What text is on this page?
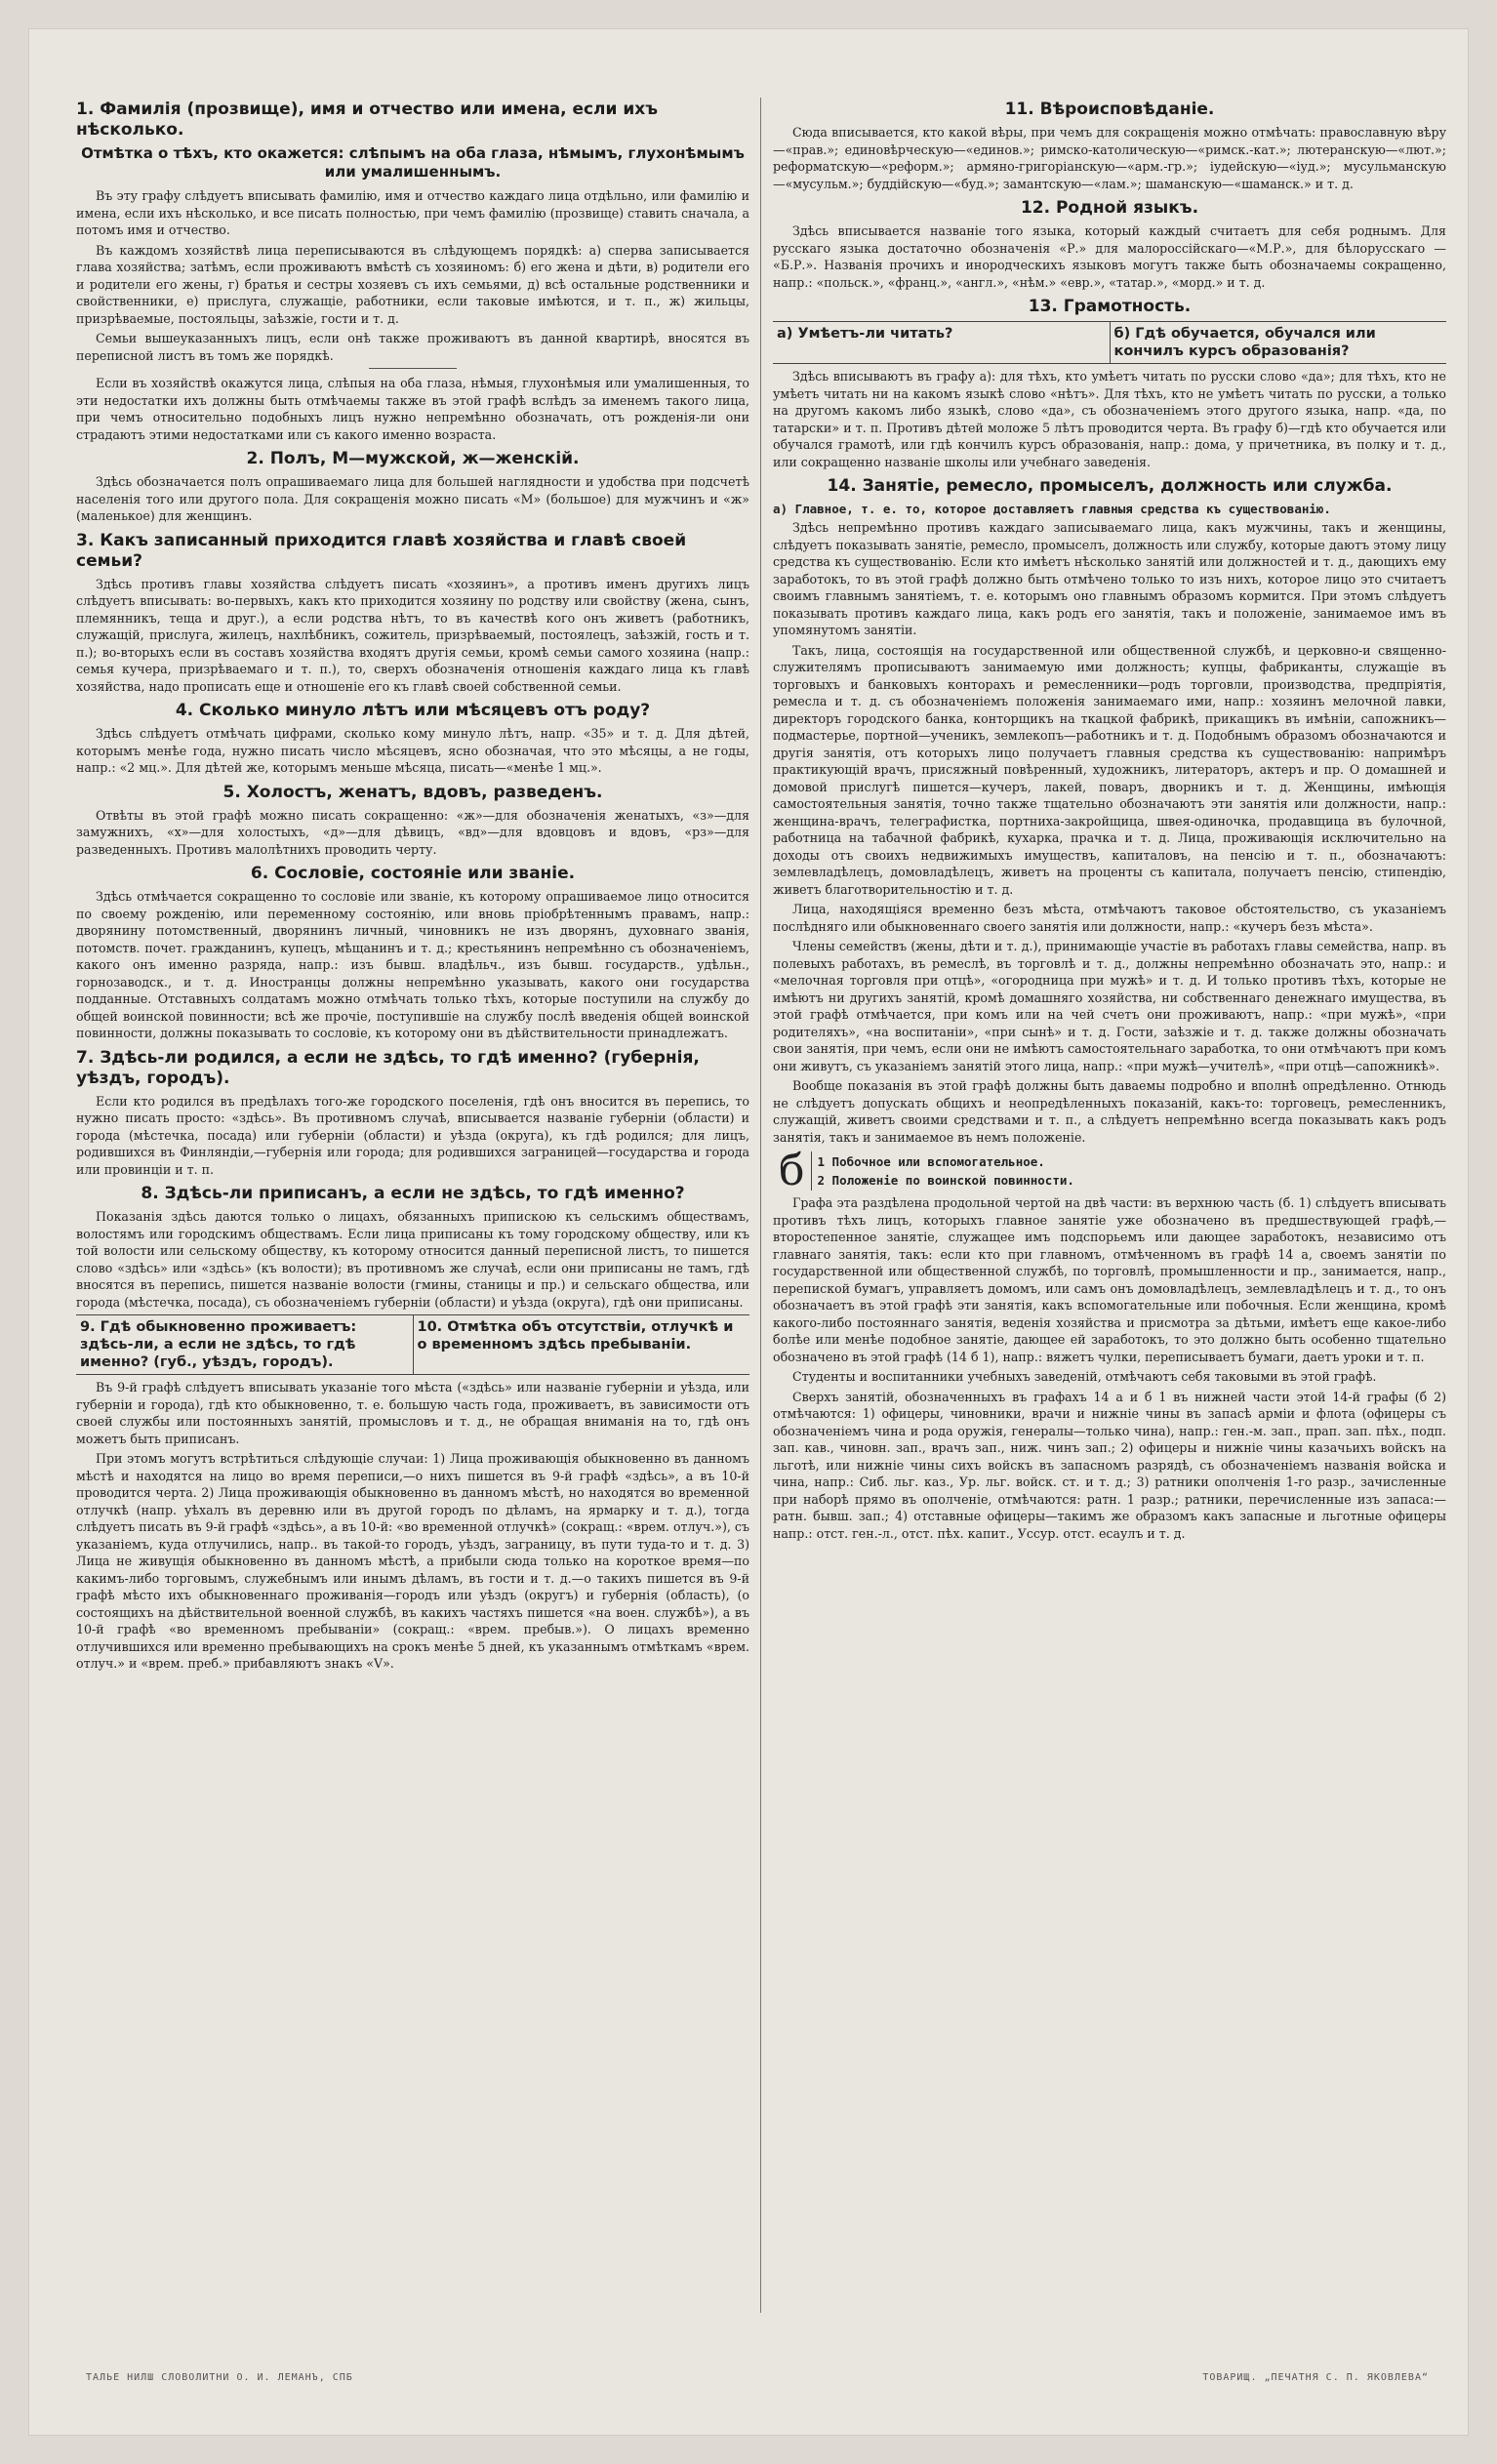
1. Фамилія (прозвище), имя и отчество или имена, если ихъ нѣсколько.
Отмѣтка о тѣхъ, кто окажется: слѣпымъ на оба глаза, нѣмымъ, глухонѣмымъ или умалишеннымъ.

Въ эту графу слѣдуетъ вписывать фамилію, имя и отчество каждаго лица отдѣльно, или фамилію и имена, если ихъ нѣсколько, и все писать полностью, при чемъ фамилію (прозвище) ставить сначала, а потомъ имя и отчество.

Въ каждомъ хозяйствѣ лица переписываются въ слѣдующемъ порядкѣ: а) сперва записывается глава хозяйства; затѣмъ, если проживаютъ вмѣстѣ съ хозяиномъ: б) его жена и дѣти, в) родители его и родители его жены, г) братья и сестры хозяевъ съ ихъ семьями, д) всѣ остальные родственники и свойственники, е) прислуга, служащіе, работники, если таковые имѣются, и т. п., ж) жильцы, призрѣваемые, постояльцы, заѣзжіе, гости и т. д.

Семьи вышеуказанныхъ лицъ, если онѣ также проживаютъ въ данной квартирѣ, вносятся въ переписной листъ въ томъ же порядкѣ.

Если въ хозяйствѣ окажутся лица, слѣпыя на оба глаза, нѣмыя, глухонѣмыя или умалишенныя, то эти недостатки ихъ должны быть отмѣчаемы также въ этой графѣ вслѣдъ за именемъ такого лица, при чемъ относительно подобныхъ лицъ нужно непремѣнно обозначать, отъ рожденія-ли они страдаютъ этими недостатками или съ какого именно возраста.

2. Полъ, М—мужской, ж—женскій.

Здѣсь обозначается полъ опрашиваемаго лица для большей наглядности и удобства при подсчетѣ населенія того или другого пола. Для сокращенія можно писать «М» (большое) для мужчинъ и «ж» (маленькое) для женщинъ.

3. Какъ записанный приходится главѣ хозяйства и главѣ своей семьи?

Здѣсь противъ главы хозяйства слѣдуетъ писать «хозяинъ», а противъ именъ другихъ лицъ слѣдуетъ вписывать: во-первыхъ, какъ кто приходится хозяину по родству или свойству (жена, сынъ, племянникъ, теща и друг.), а если родства нѣтъ, то въ качествѣ кого онъ живетъ (работникъ, служащій, прислуга, жилецъ, нахлѣбникъ, сожитель, призрѣваемый, постоялецъ, заѣзжій, гость и т. п.); во-вторыхъ если въ составъ хозяйства входятъ другія семьи, кромѣ семьи самого хозяина (напр.: семья кучера, призрѣваемаго и т. п.), то, сверхъ обозначенія отношенія каждаго лица къ главѣ хозяйства, надо прописать еще и отношеніе его къ главѣ своей собственной семьи.

4. Сколько минуло лѣтъ или мѣсяцевъ отъ роду?

Здѣсь слѣдуетъ отмѣчать цифрами, сколько кому минуло лѣтъ, напр. «35» и т. д. Для дѣтей, которымъ менѣе года, нужно писать число мѣсяцевъ, ясно обозначая, что это мѣсяцы, а не годы, напр.: «2 мц.». Для дѣтей же, которымъ меньше мѣсяца, писать—«менѣе 1 мц.».

5. Холостъ, женатъ, вдовъ, разведенъ.

Отвѣты въ этой графѣ можно писать сокращенно: «ж»—для обозначенія женатыхъ, «з»—для замужнихъ, «х»—для холостыхъ, «д»—для дѣвицъ, «вд»—для вдовцовъ и вдовъ, «рз»—для разведенныхъ. Противъ малолѣтнихъ проводить черту.

6. Сословіе, состояніе или званіе.

Здѣсь отмѣчается сокращенно то сословіе или званіе, къ которому опрашиваемое лицо относится по своему рожденію, или переменному состоянію, или вновь пріобрѣтеннымъ правамъ, напр.: дворянину потомственный, дворянинъ личный, чиновникъ не изъ дворянъ, духовнаго званія, потомств. почет. гражданинъ, купецъ, мѣщанинъ и т. д.; крестьянинъ непремѣнно съ обозначеніемъ, какого онъ именно разряда, напр.: изъ бывш. владѣльч., изъ бывш. государств., удѣльн., горнозаводск., и т. д. Иностранцы должны непремѣнно указывать, какого они государства подданные. Отставныхъ солдатамъ можно отмѣчать только тѣхъ, которые поступили на службу до общей воинской повинности; всѣ же прочіе, поступившіе на службу послѣ введенія общей воинской повинности, должны показывать то сословіе, къ которому они въ дѣйствительности принадлежатъ.

7. Здѣсь-ли родился, а если не здѣсь, то гдѣ именно? (губернія, уѣздъ, городъ).

Если кто родился въ предѣлахъ того-же городского поселенія, гдѣ онъ вносится въ перепись, то нужно писать просто: «здѣсь». Въ противномъ случаѣ, вписывается названіе губерніи (области) и города (мѣстечка, посада) или губерніи (области) и уѣзда (округа), къ гдѣ родился; для лицъ, родившихся въ Финляндіи,—губернія или города; для родившихся заграницей—государства и города или провинціи и т. п.

8. Здѣсь-ли приписанъ, а если не здѣсь, то гдѣ именно?

Показанія здѣсь даются только о лицахъ, обязанныхъ припискою къ сельскимъ обществамъ, волостямъ или городскимъ обществамъ. Если лица приписаны къ тому городскому обществу, или къ той волости или сельскому обществу, къ которому относится данный переписной листъ, то пишется слово «здѣсь» или «здѣсь» (къ волости); въ противномъ же случаѣ, если они приписаны не тамъ, гдѣ вносятся въ перепись, пишется названіе волости (гмины, станицы и пр.) и сельскаго общества, или города (мѣстечка, посада), съ обозначеніемъ губерніи (области) и уѣзда (округа), гдѣ они приписаны.

9. Гдѣ обыкновенно проживаетъ: здѣсь-ли, а если не здѣсь, то гдѣ именно? (губ., уѣздъ, городъ).
10. Отмѣтка объ отсутствіи, отлучкѣ и о временномъ здѣсь пребываніи.

Въ 9-й графѣ слѣдуетъ вписывать указаніе того мѣста («здѣсь» или названіе губерніи и уѣзда, или губерніи и города), гдѣ кто обыкновенно, т. е. большую часть года, проживаетъ, въ зависимости отъ своей службы или постоянныхъ занятій, промысловъ и т. д., не обращая вниманія на то, гдѣ онъ можетъ быть приписанъ.

При этомъ могутъ встрѣтиться слѣдующіе случаи: 1) Лица проживающія обыкновенно въ данномъ мѣстѣ и находятся на лицо во время переписи,—о нихъ пишется въ 9-й графѣ «здѣсь», а въ 10-й проводится черта. 2) Лица проживающія обыкновенно въ данномъ мѣстѣ, но находятся во временной отлучкѣ (напр. уѣхалъ въ деревню или въ другой городъ по дѣламъ, на ярмарку и т. д.), тогда слѣдуетъ писать въ 9-й графѣ «здѣсь», а въ 10-й: «во временной отлучкѣ» (сокращ.: «врем. отлуч.»), съ указаніемъ, куда отлучились, напр.. въ такой-то городъ, уѣздъ, заграницу, въ пути туда-то и т. д. 3) Лица не живущія обыкновенно въ данномъ мѣстѣ, а прибыли сюда только на короткое время—по какимъ-либо торговымъ, служебнымъ или инымъ дѣламъ, въ гости и т. д.—о такихъ пишется въ 9-й графѣ мѣсто ихъ обыкновеннаго проживанія—городъ или уѣздъ (округъ) и губернія (область), (о состоящихъ на дѣйствительной военной службѣ, въ какихъ частяхъ пишется «на воен. службѣ»), а въ 10-й графѣ «во временномъ пребываніи» (сокращ.: «врем. пребыв.»). О лицахъ временно отлучившихся или временно пребывающихъ на срокъ менѣе 5 дней, къ указаннымъ отмѣткамъ «врем. отлуч.» и «врем. преб.» прибавляютъ знакъ «V».

11. Вѣроисповѣданіе.

Сюда вписывается, кто какой вѣры, при чемъ для сокращенія можно отмѣчать: православную вѣру—«прав.»; единовѣрческую—«единов.»; римско-католическую—«римск.-кат.»; лютеранскую—«лют.»; реформатскую—«реформ.»; армяно-григоріанскую—«арм.-гр.»; іудейскую—«іуд.»; мусульманскую—«мусульм.»; буддійскую—«буд.»; замантскую—«лам.»; шаманскую—«шаманск.» и т. д.

12. Родной языкъ.

Здѣсь вписывается названіе того языка, который каждый считаетъ для себя роднымъ. Для русскаго языка достаточно обозначенія «Р.» для малороссійскаго—«М.Р.», для бѣлорусскаго — «Б.Р.». Названія прочихъ и инородческихъ языковъ могутъ также быть обозначаемы сокращенно, напр.: «польск.», «франц.», «англ.», «нѣм.» «евр.», «татар.», «морд.» и т. д.

13. Грамотность.
а) Умѣетъ-ли читать?	б) Гдѣ обучается, обучался или кончилъ курсъ образованія?

Здѣсь вписываютъ въ графу а): для тѣхъ, кто умѣетъ читать по русски слово «да»; для тѣхъ, кто не умѣетъ читать ни на какомъ языкѣ слово «нѣтъ». Для тѣхъ, кто не умѣетъ читать по русски, а только на другомъ какомъ либо языкѣ, слово «да», съ обозначеніемъ этого другого языка, напр. «да, по татарски» и т. п. Противъ дѣтей моложе 5 лѣтъ проводится черта. Въ графу б)—гдѣ кто обучается или обучался грамотѣ, или гдѣ кончилъ курсъ образованія, напр.: дома, у причетника, въ полку и т. д., или сокращенно названіе школы или учебнаго заведенія.

14. Занятіе, ремесло, промыселъ, должность или служба.
а) Главное, т. е. то, которое доставляетъ главныя средства къ существованію.

Здѣсь непремѣнно противъ каждаго записываемаго лица, какъ мужчины, такъ и женщины, слѣдуетъ показывать занятіе, ремесло, промыселъ, должность или службу, которые даютъ этому лицу средства къ существованію. Если кто имѣетъ нѣсколько занятій или должностей и т. д., дающихъ ему заработокъ, то въ этой графѣ должно быть отмѣчено только то изъ нихъ, которое лицо это считаетъ своимъ главнымъ занятіемъ, т. е. которымъ оно главнымъ образомъ кормится. При этомъ слѣдуетъ показывать противъ каждаго лица, какъ родъ его занятія, такъ и положеніе, занимаемое имъ въ упомянутомъ занятіи.

Такъ, лица, состоящія на государственной или общественной службѣ, и церковно-и священно-служителямъ прописываютъ занимаемую ими должность; купцы, фабриканты, служащіе въ торговыхъ и банковыхъ конторахъ и ремесленники—родъ торговли, производства, предпріятія, ремесла и т. д. съ обозначеніемъ положенія занимаемаго ими, напр.: хозяинъ мелочной лавки, директоръ городского банка, конторщикъ на ткацкой фабрикѣ, прикащикъ въ имѣніи, сапожникъ—подмастерье, портной—ученикъ, землекопъ—работникъ и т. д. Подобнымъ образомъ обозначаются и другія занятія, отъ которыхъ лицо получаетъ главныя средства къ существованію: напримѣръ практикующій врачъ, присяжный повѣренный, художникъ, литераторъ, актеръ и пр. О домашней и домовой прислугѣ пишется—кучеръ, лакей, поваръ, дворникъ и т. д. Женщины, имѣющія самостоятельныя занятія, точно также тщательно обозначаютъ эти занятія или должности, напр.: женщина-врачъ, телеграфистка, портниха-закройщица, швея-одиночка, продавщица въ булочной, работница на табачной фабрикѣ, кухарка, прачка и т. д. Лица, проживающія исключительно на доходы отъ своихъ недвижимыхъ имуществъ, капиталовъ, на пенсію и т. п., обозначаютъ: землевладѣлецъ, домовладѣлецъ, живетъ на проценты съ капитала, получаетъ пенсію, стипендію, живетъ благотворительностію и т. д.

Лица, находящіяся временно безъ мѣста, отмѣчаютъ таковое обстоятельство, съ указаніемъ послѣдняго или обыкновеннаго своего занятія или должности, напр.: «кучеръ безъ мѣста».

Члены семействъ (жены, дѣти и т. д.), принимающіе участіе въ работахъ главы семейства, напр. въ полевыхъ работахъ, въ ремеслѣ, въ торговлѣ и т. д., должны непремѣнно обозначать это, напр.: и «мелочная торговля при отцѣ», «огородница при мужѣ» и т. д. И только противъ тѣхъ, которые не имѣютъ ни другихъ занятій, кромѣ домашняго хозяйства, ни собственнаго денежнаго имущества, въ этой графѣ отмѣчается, при комъ или на чей счетъ они проживаютъ, напр.: «при мужѣ», «при родителяхъ», «на воспитаніи», «при сынѣ» и т. д. Гости, заѣзжіе и т. д. также должны обозначать свои занятія, при чемъ, если они не имѣютъ самостоятельнаго заработка, то они отмѣчаютъ при комъ они живутъ, съ указаніемъ занятій этого лица, напр.: «при мужѣ—учителѣ», «при отцѣ—сапожникѣ».

Вообще показанія въ этой графѣ должны быть даваемы подробно и вполнѣ опредѣленно. Отнюдь не слѣдуетъ допускать общихъ и неопредѣленныхъ показаній, какъ-то: торговецъ, ремесленникъ, служащій, живетъ своими средствами и т. п., а слѣдуетъ непремѣнно всегда показывать какъ родъ занятія, такъ и занимаемое въ немъ положеніе.

б	1 Побочное или вспомогательное.
2 Положеніе по воинской повинности.

Графа эта раздѣлена продольной чертой на двѣ части: въ верхнюю часть (б. 1) слѣдуетъ вписывать противъ тѣхъ лицъ, которыхъ главное занятіе уже обозначено въ предшествующей графѣ,—второстепенное занятіе, служащее имъ подспорьемъ или дающее заработокъ, независимо отъ главнаго занятія, такъ: если кто при главномъ, отмѣченномъ въ графѣ 14 а, своемъ занятіи по государственной или общественной службѣ, по торговлѣ, промышленности и пр., занимается, напр., перепиской бумагъ, управляетъ домомъ, или самъ онъ домовладѣлецъ, землевладѣлецъ и т. д., то онъ обозначаетъ въ этой графѣ эти занятія, какъ вспомогательные или побочныя. Если женщина, кромѣ какого-либо постояннаго занятія, веденія хозяйства и присмотра за дѣтьми, имѣетъ еще какое-либо болѣе или менѣе подобное занятіе, дающее ей заработокъ, то это должно быть особенно тщательно обозначено въ этой графѣ (14 б 1), напр.: вяжетъ чулки, переписываетъ бумаги, даетъ уроки и т. п.

Студенты и воспитанники учебныхъ заведеній, отмѣчаютъ себя таковыми въ этой графѣ.

Сверхъ занятій, обозначенныхъ въ графахъ 14 а и б 1 въ нижней части этой 14-й графы (б 2) отмѣчаются: 1) офицеры, чиновники, врачи и нижніе чины въ запасѣ арміи и флота (офицеры съ обозначеніемъ чина и рода оружія, генералы—только чина), напр.: ген.-м. зап., прап. зап. пѣх., подп. зап. кав., чиновн. зап., врачъ зап., ниж. чинъ зап.; 2) офицеры и нижніе чины казачьихъ войскъ на льготѣ, или нижніе чины сихъ войскъ въ запасномъ разрядѣ, съ обозначеніемъ названія войска и чина, напр.: Сиб. льг. каз., Ур. льг. войск. ст. и т. д.; 3) ратники ополченія 1-го разр., зачисленные при наборѣ прямо въ ополченіе, отмѣчаются: ратн. 1 разр.; ратники, перечисленные изъ запаса:—ратн. бывш. зап.; 4) отставные офицеры—такимъ же образомъ какъ запасные и льготные офицеры напр.: отст. ген.-л., отст. пѣх. капит., Уссур. отст. есаулъ и т. д.

ТАЛЬЕ НИЛШ СЛОВОЛИТНИ О. И. ЛЕМАНЪ, СПБ	ТОВАРИЩ. „ПЕЧАТНЯ С. П. ЯКОВЛЕВА“
